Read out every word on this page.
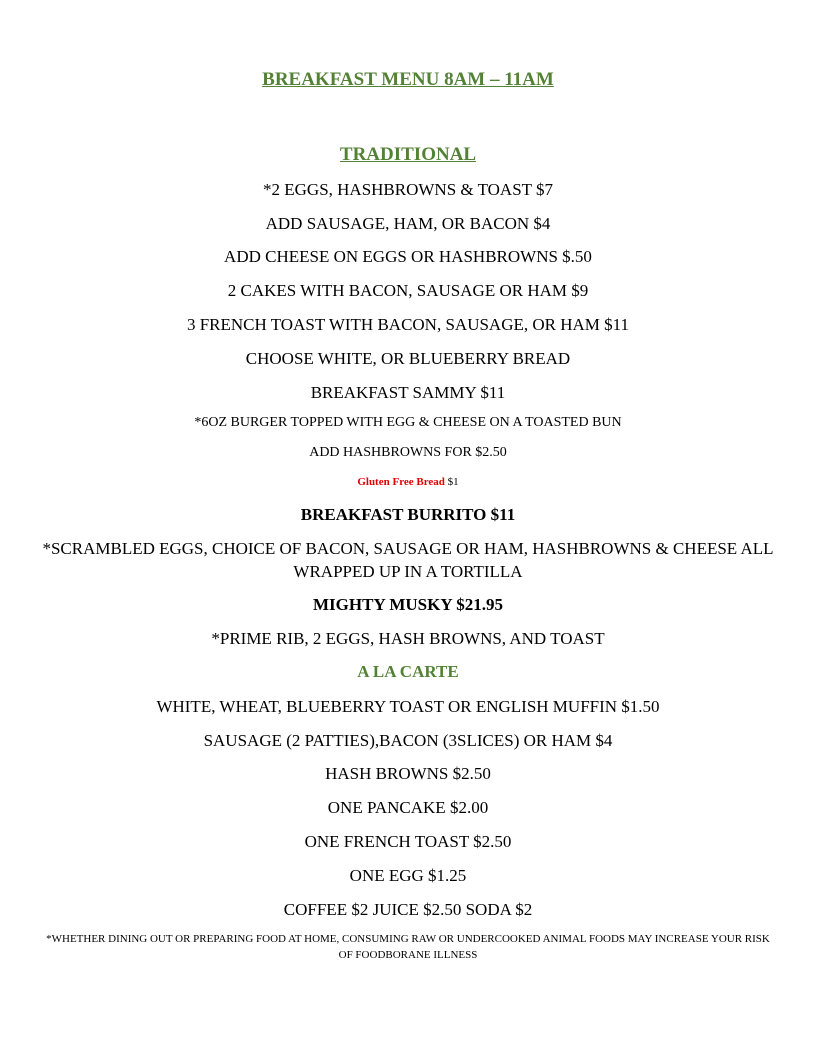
BREAKFAST MENU 8AM – 11AM
TRADITIONAL
*2 EGGS, HASHBROWNS & TOAST $7
ADD SAUSAGE, HAM, OR BACON $4
ADD CHEESE ON EGGS OR HASHBROWNS $.50
2 CAKES WITH BACON, SAUSAGE OR HAM $9
3 FRENCH TOAST WITH BACON, SAUSAGE, OR HAM $11
CHOOSE WHITE, OR BLUEBERRY BREAD
BREAKFAST SAMMY $11
*6OZ BURGER TOPPED WITH EGG & CHEESE ON A TOASTED BUN
ADD HASHBROWNS FOR $2.50
Gluten Free Bread $1
BREAKFAST BURRITO $11
*SCRAMBLED EGGS, CHOICE OF BACON, SAUSAGE OR HAM, HASHBROWNS & CHEESE ALL WRAPPED UP IN A TORTILLA
MIGHTY MUSKY $21.95
*PRIME RIB, 2 EGGS, HASH BROWNS, AND TOAST
A LA CARTE
WHITE, WHEAT, BLUEBERRY TOAST OR ENGLISH MUFFIN $1.50
SAUSAGE (2 PATTIES),BACON (3SLICES) OR HAM $4
HASH BROWNS $2.50
ONE PANCAKE $2.00
ONE FRENCH TOAST $2.50
ONE EGG $1.25
COFFEE $2 JUICE $2.50 SODA $2
*WHETHER DINING OUT OR PREPARING FOOD AT HOME, CONSUMING RAW OR UNDERCOOKED ANIMAL FOODS MAY INCREASE YOUR RISK OF FOODBORANE ILLNESS
